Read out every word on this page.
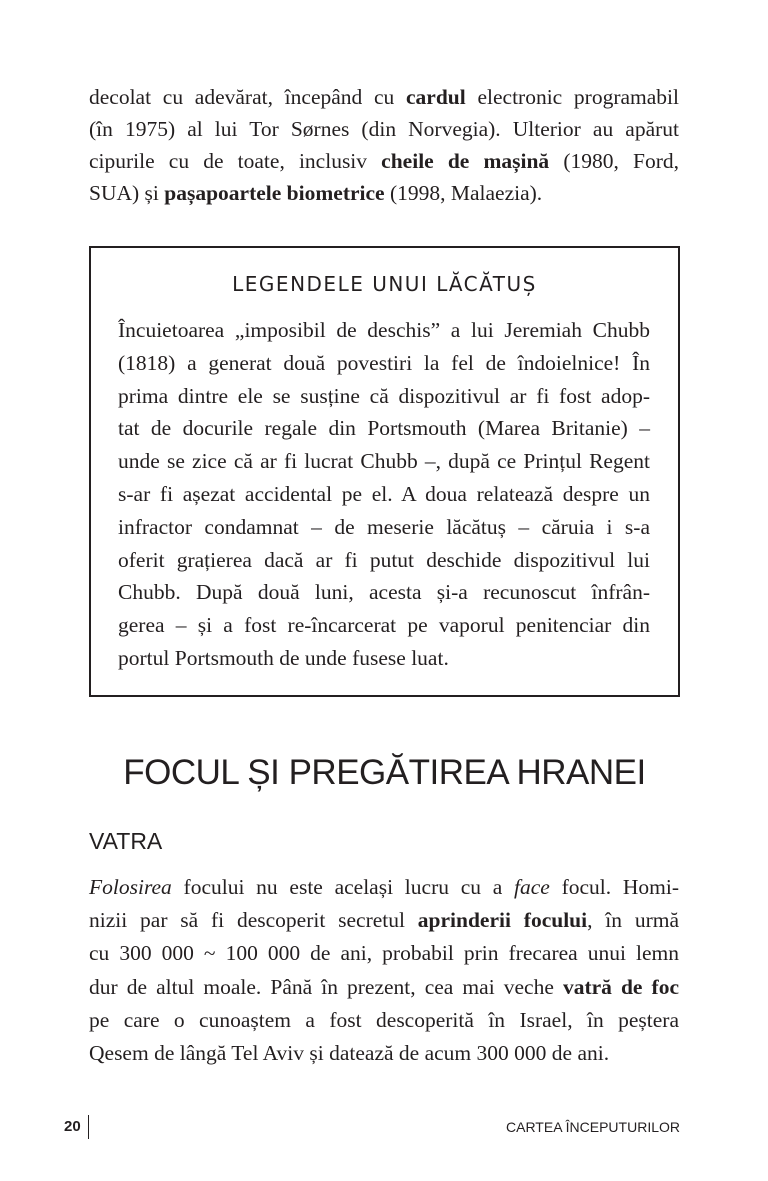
decolat cu adevărat, începând cu cardul electronic programabil
(în 1975) al lui Tor Sørnes (din Norvegia). Ulterior au apărut
cipurile cu de toate, inclusiv cheile de mașină (1980, Ford,
SUA) și pașapoartele biometrice (1998, Malaezia).
LEGENDELE UNUI LĂCĂTUȘ
Încuietoarea „imposibil de deschis” a lui Jeremiah Chubb
(1818) a generat două povestiri la fel de îndoielnice! În
prima dintre ele se susține că dispozitivul ar fi fost adop-
tat de docurile regale din Portsmouth (Marea Britanie) –
unde se zice că ar fi lucrat Chubb –, după ce Prințul Regent
s-ar fi așezat accidental pe el. A doua relatează despre un
infractor condamnat – de meserie lăcătuș – căruia i s-a
oferit grațierea dacă ar fi putut deschide dispozitivul lui
Chubb. După două luni, acesta și-a recunoscut înfrân-
gerea – și a fost re-încarcerat pe vaporul penitenciar din
portul Portsmouth de unde fusese luat.
FOCUL ȘI PREGĂTIREA HRANEI
VATRA
Folosirea focului nu este același lucru cu a face focul. Homi-
nizii par să fi descoperit secretul aprinderii focului, în urmă
cu 300 000 ~ 100 000 de ani, probabil prin frecarea unui lemn
dur de altul moale. Până în prezent, cea mai veche vatră de foc
pe care o cunoaștem a fost descoperită în Israel, în peștera
Qesem de lângă Tel Aviv și datează de acum 300 000 de ani.
20	CARTEA ÎNCEPUTURILOR
